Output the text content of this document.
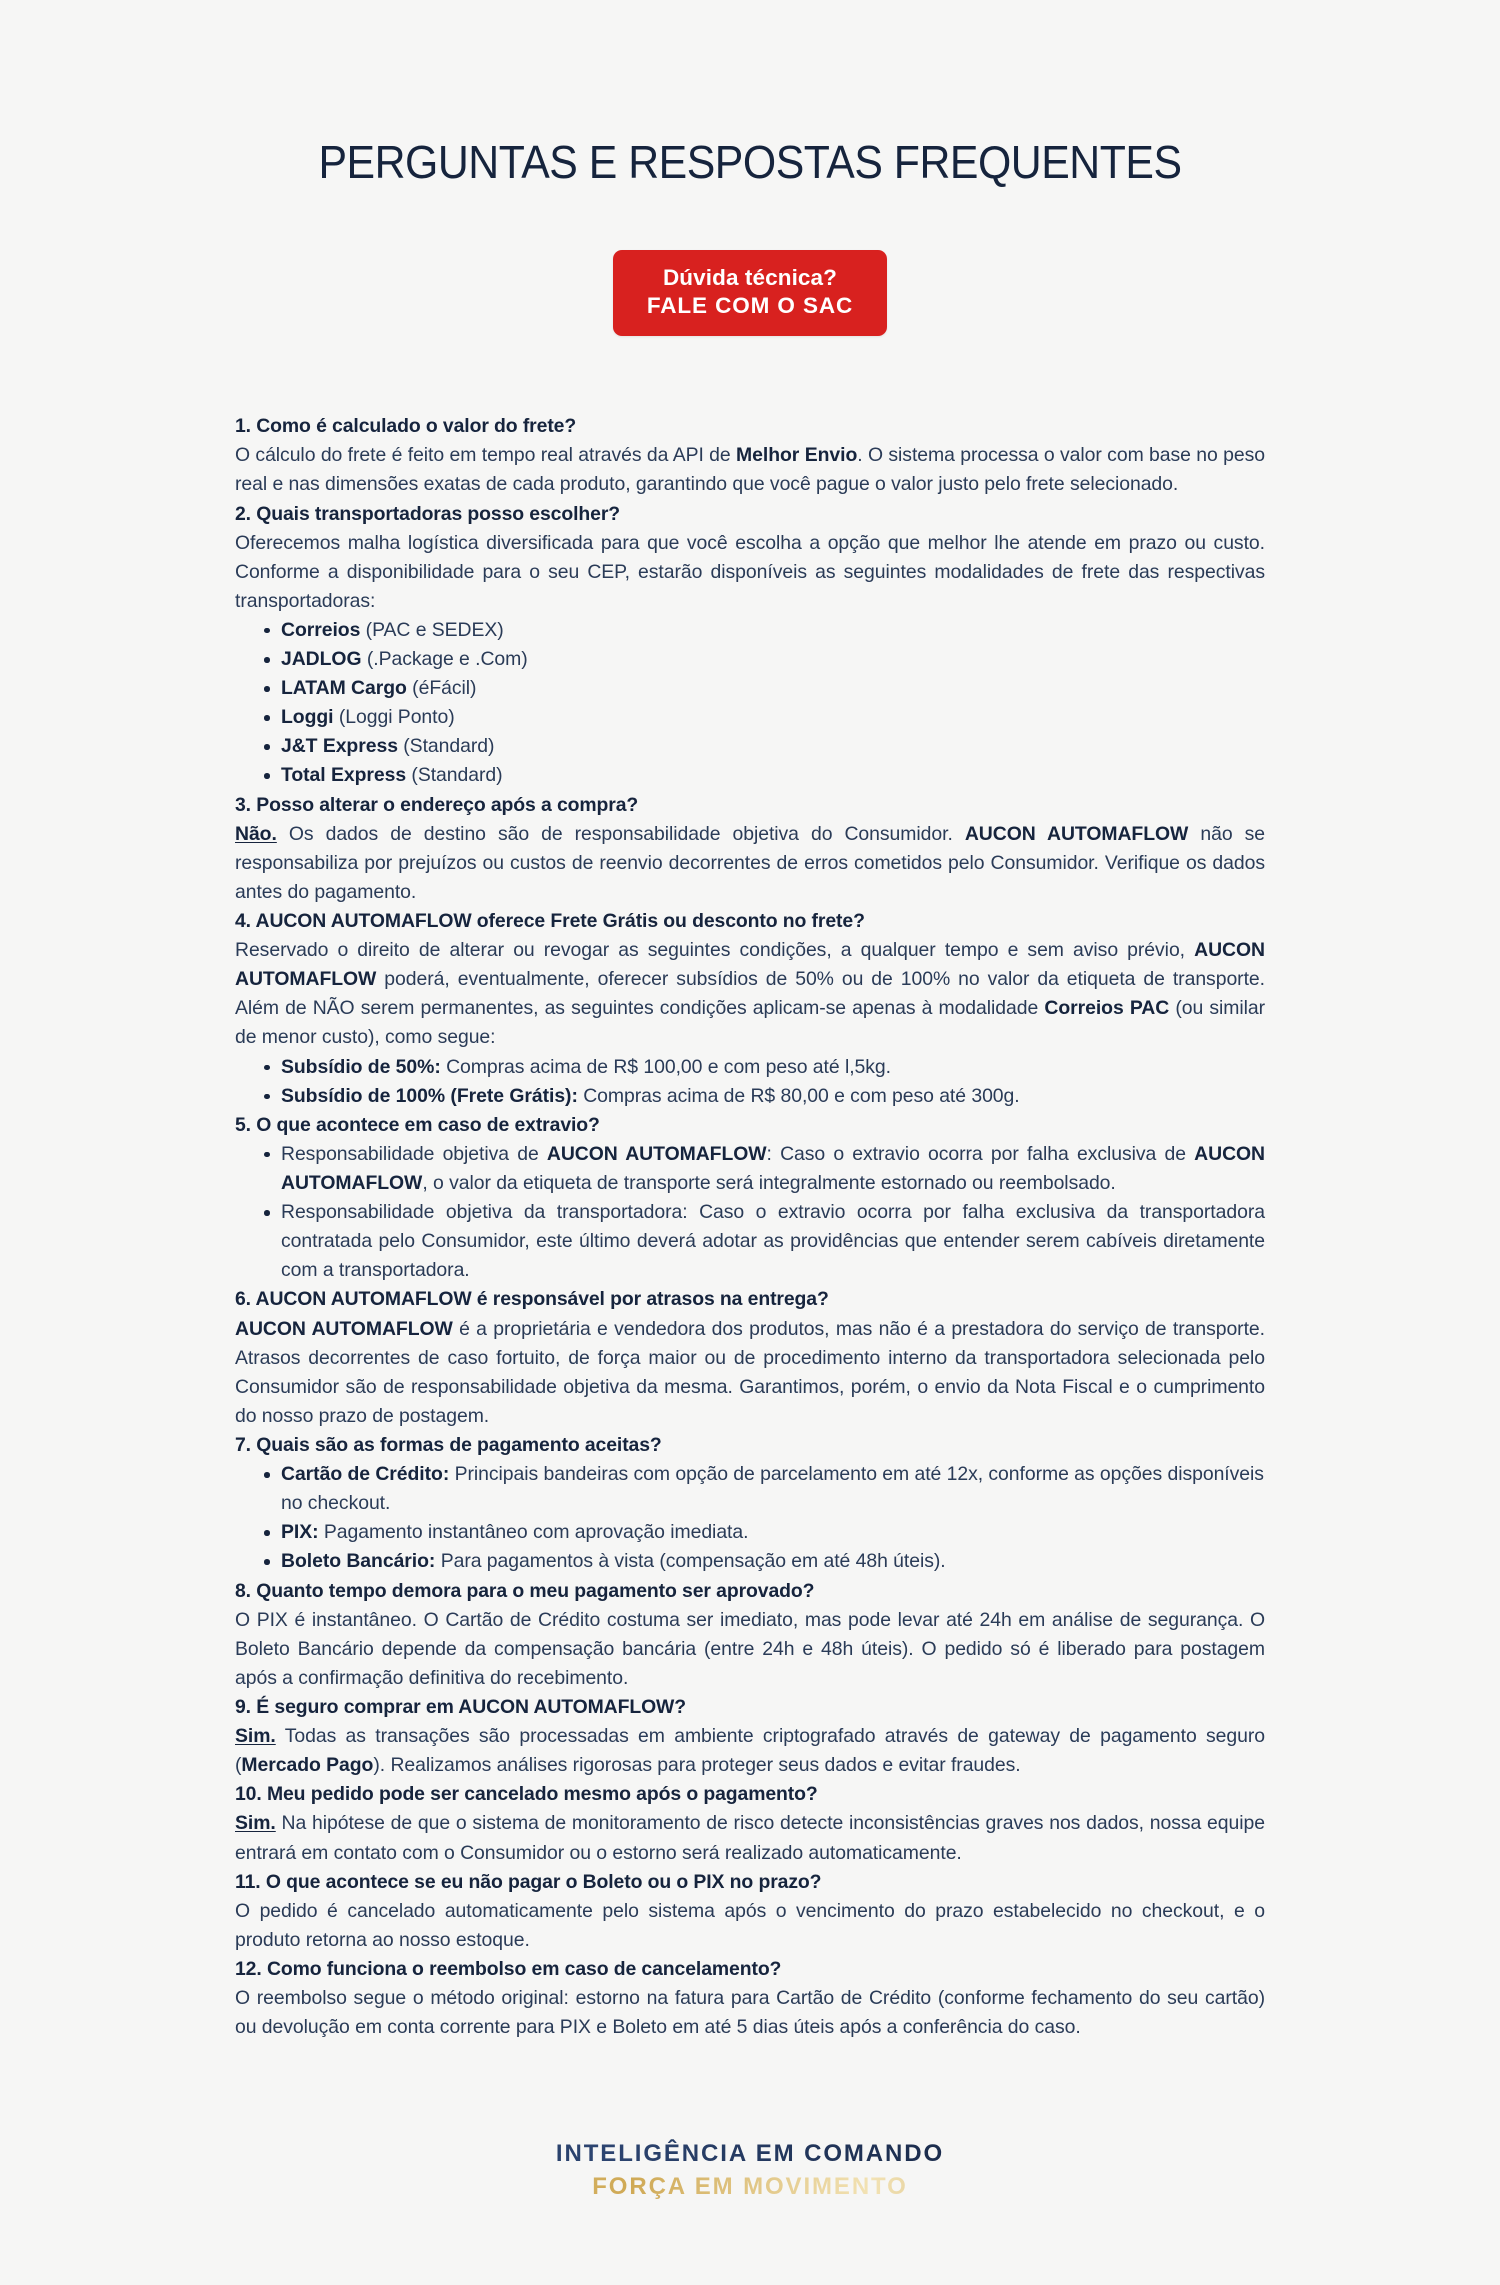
PERGUNTAS E RESPOSTAS FREQUENTES
Dúvida técnica?
FALE COM O SAC

1. Como é calculado o valor do frete?

O cálculo do frete é feito em tempo real através da API de Melhor Envio. O sistema processa o valor com base no peso real e nas dimensões exatas de cada produto, garantindo que você pague o valor justo pelo frete selecionado.

2. Quais transportadoras posso escolher?

Oferecemos malha logística diversificada para que você escolha a opção que melhor lhe atende em prazo ou custo. Conforme a disponibilidade para o seu CEP, estarão disponíveis as seguintes modalidades de frete das respectivas transportadoras:

Correios (PAC e SEDEX)
JADLOG (.Package e .Com)
LATAM Cargo (éFácil)
Loggi (Loggi Ponto)
J&T Express (Standard)
Total Express (Standard)

3. Posso alterar o endereço após a compra?

Não. Os dados de destino são de responsabilidade objetiva do Consumidor. AUCON AUTOMAFLOW não se responsabiliza por prejuízos ou custos de reenvio decorrentes de erros cometidos pelo Consumidor. Verifique os dados antes do pagamento.

4. AUCON AUTOMAFLOW oferece Frete Grátis ou desconto no frete?

Reservado o direito de alterar ou revogar as seguintes condições, a qualquer tempo e sem aviso prévio, AUCON AUTOMAFLOW poderá, eventualmente, oferecer subsídios de 50% ou de 100% no valor da etiqueta de transporte. Além de NÃO serem permanentes, as seguintes condições aplicam-se apenas à modalidade Correios PAC (ou similar de menor custo), como segue:

Subsídio de 50%: Compras acima de R$ 100,00 e com peso até l,5kg.
Subsídio de 100% (Frete Grátis): Compras acima de R$ 80,00 e com peso até 300g.

5. O que acontece em caso de extravio?

Responsabilidade objetiva de AUCON AUTOMAFLOW: Caso o extravio ocorra por falha exclusiva de AUCON AUTOMAFLOW, o valor da etiqueta de transporte será integralmente estornado ou reembolsado.
Responsabilidade objetiva da transportadora: Caso o extravio ocorra por falha exclusiva da transportadora contratada pelo Consumidor, este último deverá adotar as providências que entender serem cabíveis diretamente com a transportadora.

6. AUCON AUTOMAFLOW é responsável por atrasos na entrega?

AUCON AUTOMAFLOW é a proprietária e vendedora dos produtos, mas não é a prestadora do serviço de transporte. Atrasos decorrentes de caso fortuito, de força maior ou de procedimento interno da transportadora selecionada pelo Consumidor são de responsabilidade objetiva da mesma. Garantimos, porém, o envio da Nota Fiscal e o cumprimento do nosso prazo de postagem.

7. Quais são as formas de pagamento aceitas?

Cartão de Crédito: Principais bandeiras com opção de parcelamento em até 12x, conforme as opções disponíveis no checkout.
PIX: Pagamento instantâneo com aprovação imediata.
Boleto Bancário: Para pagamentos à vista (compensação em até 48h úteis).

8. Quanto tempo demora para o meu pagamento ser aprovado?

O PIX é instantâneo. O Cartão de Crédito costuma ser imediato, mas pode levar até 24h em análise de segurança. O Boleto Bancário depende da compensação bancária (entre 24h e 48h úteis). O pedido só é liberado para postagem após a confirmação definitiva do recebimento.

9. É seguro comprar em AUCON AUTOMAFLOW?

Sim. Todas as transações são processadas em ambiente criptografado através de gateway de pagamento seguro (Mercado Pago). Realizamos análises rigorosas para proteger seus dados e evitar fraudes.

10. Meu pedido pode ser cancelado mesmo após o pagamento?

Sim. Na hipótese de que o sistema de monitoramento de risco detecte inconsistências graves nos dados, nossa equipe entrará em contato com o Consumidor ou o estorno será realizado automaticamente.

11. O que acontece se eu não pagar o Boleto ou o PIX no prazo?

O pedido é cancelado automaticamente pelo sistema após o vencimento do prazo estabelecido no checkout, e o produto retorna ao nosso estoque.

12. Como funciona o reembolso em caso de cancelamento?

O reembolso segue o método original: estorno na fatura para Cartão de Crédito (conforme fechamento do seu cartão) ou devolução em conta corrente para PIX e Boleto em até 5 dias úteis após a conferência do caso.

INTELIGÊNCIA EM COMANDO
FORÇA EM MOVIMENTO
